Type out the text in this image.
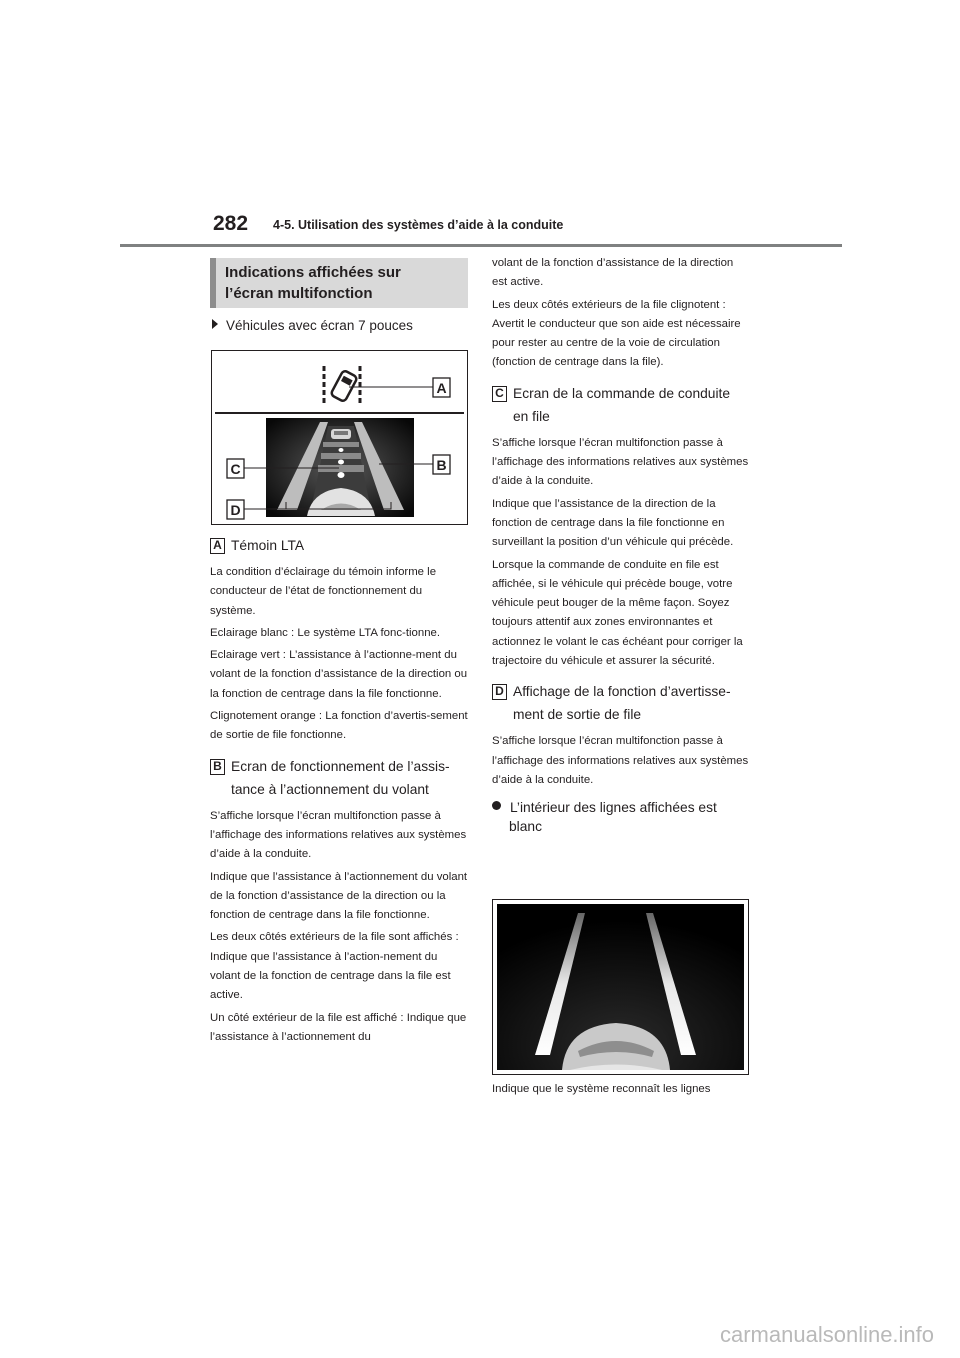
282 4-5. Utilisation des systèmes d’aide à la conduite
Indications affichées sur
l’écran multifonction
Véhicules avec écran 7 pouces
A
B
C
D
A Témoin LTA

La condition d’éclairage du témoin informe le conducteur de l’état de fonctionnement du système.

Eclairage blanc : Le système LTA fonc-tionne.

Eclairage vert : L’assistance à l’actionne-ment du volant de la fonction d’assistance de la direction ou la fonction de centrage dans la file fonctionne.

Clignotement orange : La fonction d’avertis-sement de sortie de file fonctionne.

B Ecran de fonctionnement de l’assis-
tance à l’actionnement du volant

S’affiche lorsque l’écran multifonction passe à l’affichage des informations relatives aux systèmes d’aide à la conduite.

Indique que l’assistance à l’actionnement du volant de la fonction d’assistance de la direction ou la fonction de centrage dans la file fonctionne.

Les deux côtés extérieurs de la file sont affichés : Indique que l’assistance à l’action-nement du volant de la fonction de centrage dans la file est active.

Un côté extérieur de la file est affiché : Indique que l’assistance à l’actionnement du

volant de la fonction d’assistance de la direction est active.

Les deux côtés extérieurs de la file clignotent : Avertit le conducteur que son aide est nécessaire pour rester au centre de la voie de circulation (fonction de centrage dans la file).

C Ecran de la commande de conduite
en file

S’affiche lorsque l’écran multifonction passe à l’affichage des informations relatives aux systèmes d’aide à la conduite.

Indique que l’assistance de la direction de la fonction de centrage dans la file fonctionne en surveillant la position d’un véhicule qui précède.

Lorsque la commande de conduite en file est affichée, si le véhicule qui précède bouge, votre véhicule peut bouger de la même façon. Soyez toujours attentif aux zones environnantes et actionnez le volant le cas échéant pour corriger la trajectoire du véhicule et assurer la sécurité.

D Affichage de la fonction d’avertisse-
ment de sortie de file

S’affiche lorsque l’écran multifonction passe à l’affichage des informations relatives aux systèmes d’aide à la conduite.

L’intérieur des lignes affichées est
blanc
Indique que le système reconnaît les lignes
carmanualsonline.info
